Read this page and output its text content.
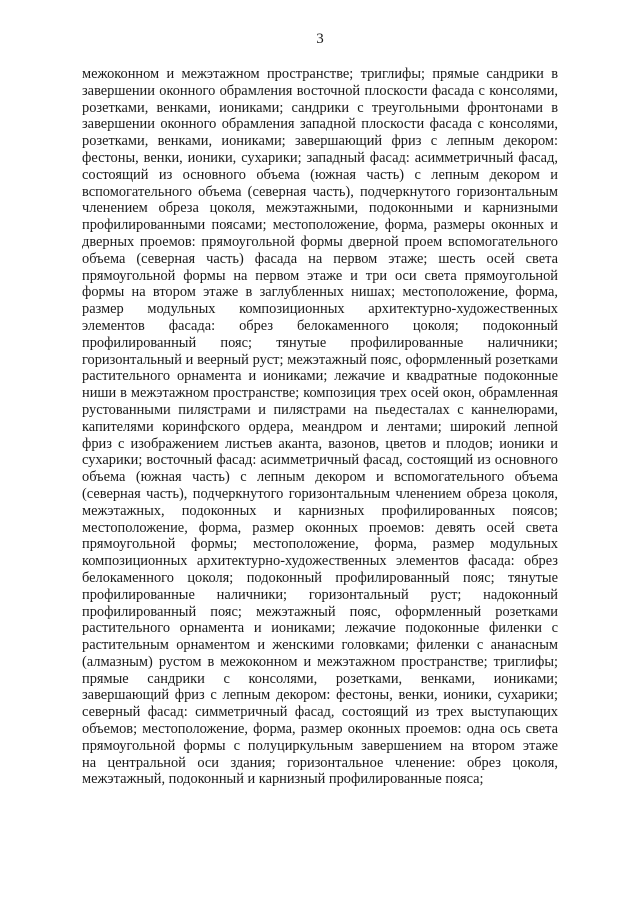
3
межоконном и межэтажном пространстве; триглифы; прямые сандрики в
завершении оконного обрамления восточной плоскости фасада с консолями,
розетками, венками, иониками; сандрики с треугольными фронтонами в
завершении оконного обрамления западной плоскости фасада с консолями,
розетками, венками, иониками; завершающий фриз с лепным декором:
фестоны, венки, ионики, сухарики; западный фасад: асимметричный фасад,
состоящий из основного объема (южная часть) с лепным декором и
вспомогательного объема (северная часть), подчеркнутого горизонтальным
членением обреза цоколя, межэтажными, подоконными и карнизными
профилированными поясами; местоположение, форма, размеры оконных и
дверных проемов: прямоугольной формы дверной проем вспомогательного
объема (северная часть) фасада на первом этаже; шесть осей света
прямоугольной формы на первом этаже и три оси света прямоугольной
формы на втором этаже в заглубленных нишах; местоположение, форма,
размер модульных композиционных архитектурно-художественных
элементов фасада: обрез белокаменного цоколя; подоконный
профилированный пояс; тянутые профилированные наличники;
горизонтальный и веерный руст; межэтажный пояс, оформленный розетками
растительного орнамента и иониками; лежачие и квадратные подоконные
ниши в межэтажном пространстве; композиция трех осей окон, обрамленная
рустованными пилястрами и пилястрами на пьедесталах с каннелюрами,
капителями коринфского ордера, меандром и лентами; широкий лепной
фриз с изображением листьев аканта, вазонов, цветов и плодов; ионики и
сухарики; восточный фасад: асимметричный фасад, состоящий из основного
объема (южная часть) с лепным декором и вспомогательного объема
(северная часть), подчеркнутого горизонтальным членением обреза цоколя,
межэтажных, подоконных и карнизных профилированных поясов;
местоположение, форма, размер оконных проемов: девять осей света
прямоугольной формы; местоположение, форма, размер модульных
композиционных архитектурно-художественных элементов фасада: обрез
белокаменного цоколя; подоконный профилированный пояс; тянутые
профилированные наличники; горизонтальный руст; надоконный
профилированный пояс; межэтажный пояс, оформленный розетками
растительного орнамента и иониками; лежачие подоконные филенки с
растительным орнаментом и женскими головками; филенки с ананасным
(алмазным) рустом в межоконном и межэтажном пространстве; триглифы;
прямые сандрики с консолями, розетками, венками, иониками;
завершающий фриз с лепным декором: фестоны, венки, ионики, сухарики;
северный фасад: симметричный фасад, состоящий из трех выступающих
объемов; местоположение, форма, размер оконных проемов: одна ось света
прямоугольной формы с полуциркульным завершением на втором этаже
на центральной оси здания; горизонтальное членение: обрез цоколя,
межэтажный, подоконный и карнизный профилированные пояса;
